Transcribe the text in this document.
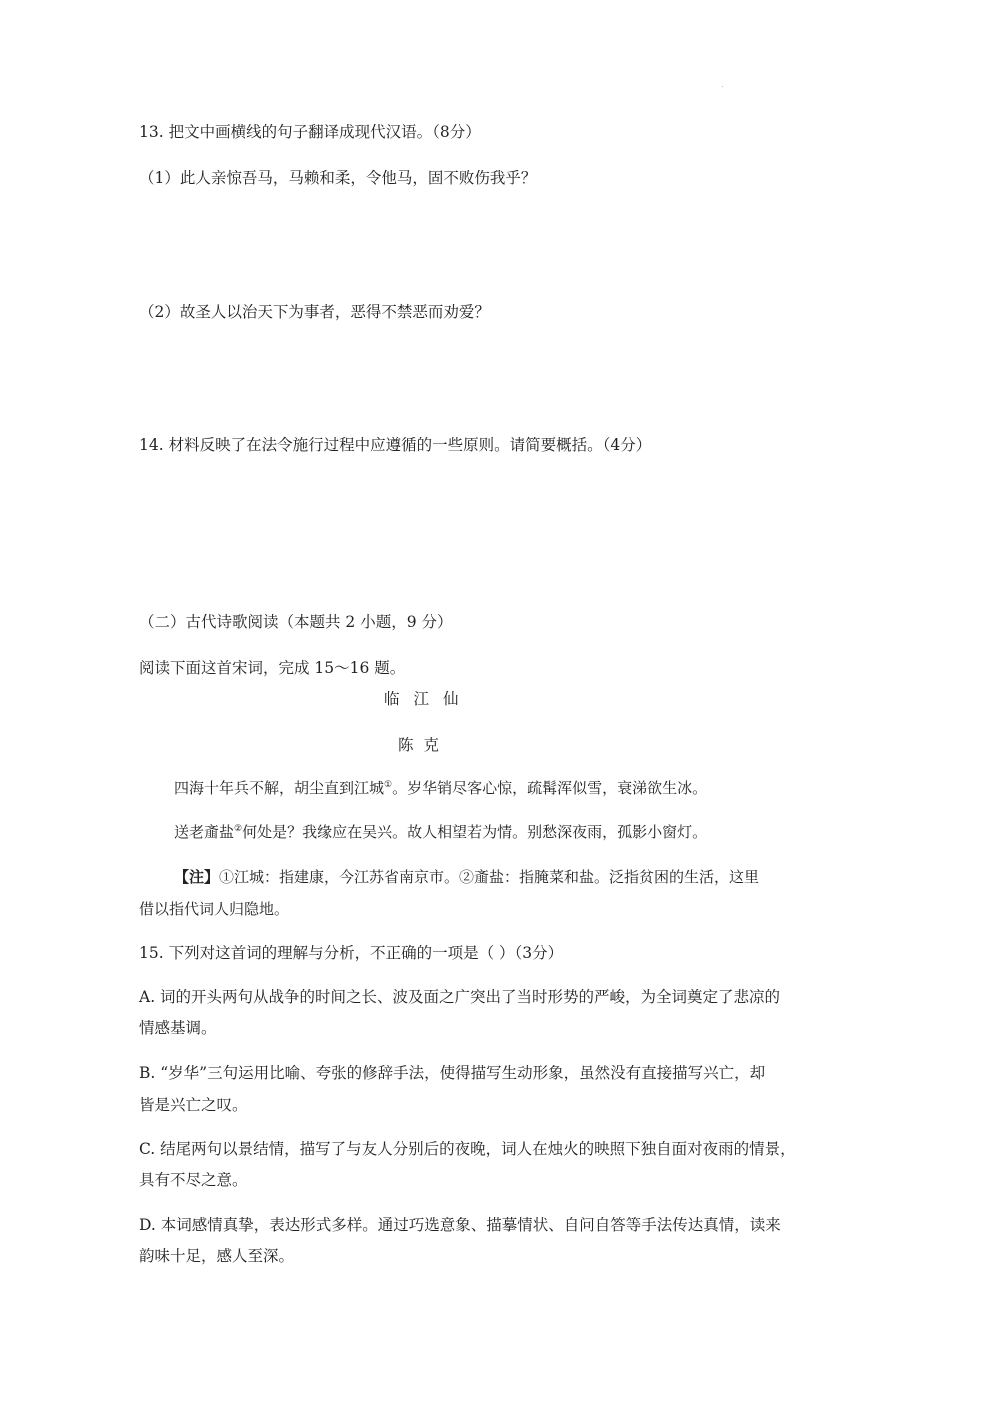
13. 把文中画横线的句子翻译成现代汉语。（8分）
（1）此人亲惊吾马，马赖和柔，令他马，固不败伤我乎？
（2）故圣人以治天下为事者，恶得不禁恶而劝爱？
14. 材料反映了在法令施行过程中应遵循的一些原则。请简要概括。（4分）
（二）古代诗歌阅读（本题共 2 小题，9 分）
阅读下面这首宋词，完成 15～16 题。
临江仙
陈克
四海十年兵不解，胡尘直到江城①。岁华销尽客心惊，疏髯浑似雪，衰涕欲生冰。
送老齑盐②何处是？我缘应在吴兴。故人相望若为情。别愁深夜雨，孤影小窗灯。
【注】①江城：指建康，今江苏省南京市。②齑盐：指腌菜和盐。泛指贫困的生活，这里
借以指代词人归隐地。
15. 下列对这首词的理解与分析，不正确的一项是（ ）（3分）
A. 词的开头两句从战争的时间之长、波及面之广突出了当时形势的严峻，为全词奠定了悲凉的
情感基调。
B. “岁华”三句运用比喻、夸张的修辞手法，使得描写生动形象，虽然没有直接描写兴亡，却
皆是兴亡之叹。
C. 结尾两句以景结情，描写了与友人分别后的夜晚，词人在烛火的映照下独自面对夜雨的情景，
具有不尽之意。
D. 本词感情真挚，表达形式多样。通过巧选意象、描摹情状、自问自答等手法传达真情，读来
韵味十足，感人至深。
